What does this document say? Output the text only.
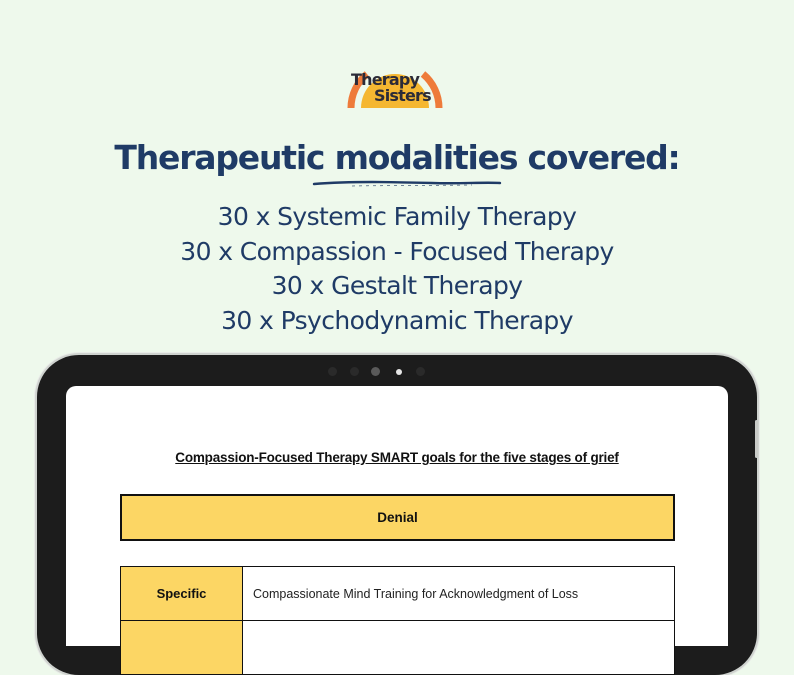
Therapy
Sisters
Therapeutic modalities covered:
30 x Systemic Family Therapy
30 x Compassion - Focused Therapy
30 x Gestalt Therapy
30 x Psychodynamic Therapy
Compassion-Focused Therapy SMART goals for the five stages of grief
Denial
Specific	Compassionate Mind Training for Acknowledgment of Loss
